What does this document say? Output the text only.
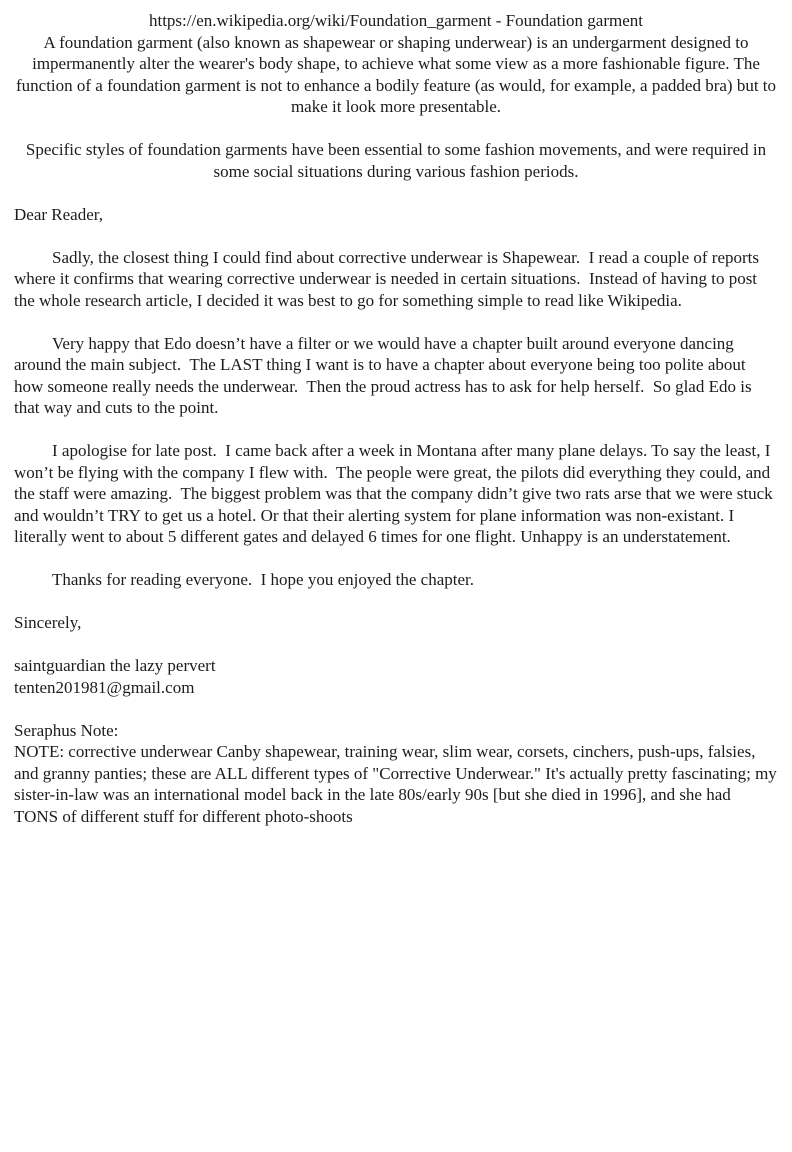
https://en.wikipedia.org/wiki/Foundation_garment - Foundation garment

A foundation garment (also known as shapewear or shaping underwear) is an undergarment designed to impermanently alter the wearer's body shape, to achieve what some view as a more fashionable figure. The function of a foundation garment is not to enhance a bodily feature (as would, for example, a padded bra) but to make it look more presentable.

Specific styles of foundation garments have been essential to some fashion movements, and were required in some social situations during various fashion periods.

Dear Reader,

Sadly, the closest thing I could find about corrective underwear is Shapewear.  I read a couple of reports where it confirms that wearing corrective underwear is needed in certain situations.  Instead of having to post the whole research article, I decided it was best to go for something simple to read like Wikipedia.

Very happy that Edo doesn’t have a filter or we would have a chapter built around everyone dancing around the main subject.  The LAST thing I want is to have a chapter about everyone being too polite about how someone really needs the underwear.  Then the proud actress has to ask for help herself.  So glad Edo is that way and cuts to the point.

I apologise for late post.  I came back after a week in Montana after many plane delays. To say the least, I won’t be flying with the company I flew with.  The people were great, the pilots did everything they could, and the staff were amazing.  The biggest problem was that the company didn’t give two rats arse that we were stuck and wouldn’t TRY to get us a hotel. Or that their alerting system for plane information was non-existant. I literally went to about 5 different gates and delayed 6 times for one flight. Unhappy is an understatement.

Thanks for reading everyone.  I hope you enjoyed the chapter.

Sincerely,

saintguardian the lazy pervert

tenten201981@gmail.com

Seraphus Note:

NOTE: corrective underwear Canby shapewear, training wear, slim wear, corsets, cinchers, push-ups, falsies, and granny panties; these are ALL different types of "Corrective Underwear." It's actually pretty fascinating; my sister-in-law was an international model back in the late 80s/early 90s [but she died in 1996], and she had TONS of different stuff for different photo-shoots
